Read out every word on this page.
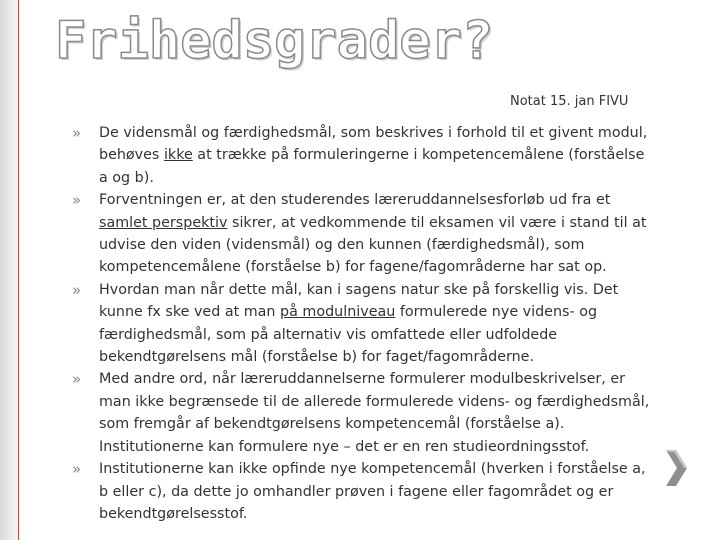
Frihedsgrader?
Notat 15. jan FIVU
» De vidensmål og færdighedsmål, som beskrives i forhold til et givent modul, behøves ikke at trække på formuleringerne i kompetencemålene (forståelse a og b).
» Forventningen er, at den studerendes læreruddannelsesforløb ud fra et samlet perspektiv sikrer, at vedkommende til eksamen vil være i stand til at udvise den viden (vidensmål) og den kunnen (færdighedsmål), som kompetencemålene (forståelse b) for fagene/fagområderne har sat op.
» Hvordan man når dette mål, kan i sagens natur ske på forskellig vis. Det kunne fx ske ved at man på modulniveau formulerede nye videns- og færdighedsmål, som på alternativ vis omfattede eller udfoldede bekendtgørelsens mål (forståelse b) for faget/fagområderne.
» Med andre ord, når læreruddannelserne formulerer modulbeskrivelser, er man ikke begrænsede til de allerede formulerede videns- og færdighedsmål, som fremgår af bekendtgørelsens kompetencemål (forståelse a). Institutionerne kan formulere nye – det er en ren studieordningsstof.
» Institutionerne kan ikke opfinde nye kompetencemål (hverken i forståelse a, b eller c), da dette jo omhandler prøven i fagene eller fagområdet og er bekendtgørelsesstof.
